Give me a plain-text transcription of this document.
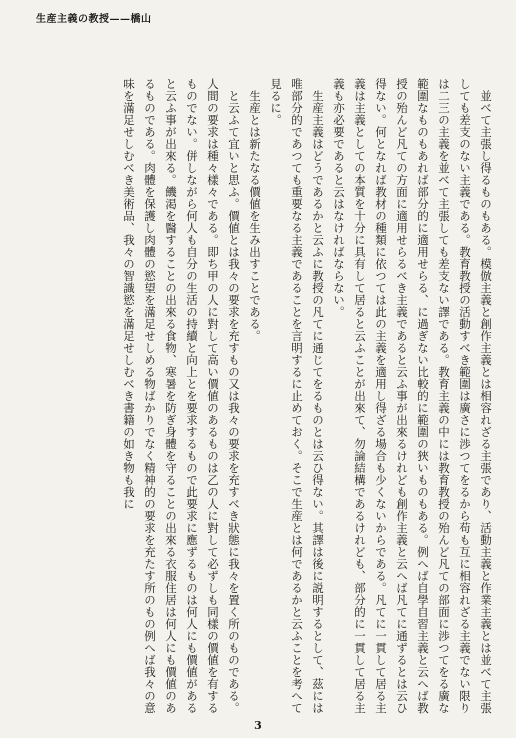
生産主義の教授——橋山

並べて主張し得るものもある。模倣主義と創作主義とは相容れざる主張であり、活動主義と作業主義とは並べて主張しても差支のない主義である。教育教授の活動すべき範圍は廣さに渉つてをるから苟も互に相容れざる主義でない限りは二三の主義を並べて主張しても差支ない譯である。教育主義の中には教育教授の殆んど凡ての部面に渉つてをる廣な範圍なものもあれば部分的に適用せらる、に過ぎない比較的に範圍の狹いものもある。例へば自學自習主義と云へば教授の殆んど凡ての方面に適用せらるべき主義であると云ふ事が出來るけれども創作主義と云へば凡てに通ずるとは云ひ得ない。何となれば教材の種類に依つては此の主義を適用し得ざる場合も少くないからである。凡てに一貫して居る主義は主義としての本質を十分に具有して居ると云ふことが出來て、勿論結構であるけれども、部分的に一貫して居る主義も亦必要であると云はなければならない。

生産主義はどうであるかと云ふに教授の凡てに通じてをるものとは云ひ得ない。其譯は後に説明するとして、茲には唯部分的であつても重要なる主義であることを言明するに止めておく。そこで生産とは何であるかと云ふことを考へて見るに。

生産とは新たなる價値を生み出すことである。

と云ふて宜いと思ふ。價値とは我々の要求を充すもの又は我々の要求を充すべき狀態に我々を置く所のものである。人間の要求は種々樣々である。即ち甲の人に對して高い價値のあるものは乙の人に對して必ずしも同樣の價値を有するものでない。併しながら何人も自分の生活の持續と向上とを要求するもので此要求に應ずるものは何人にも價値があると云ふ事が出來る。饑渇を醫することの出來る食物、寒暑を防ぎ身體を守ることの出來る衣服住居は何人にも價値のあるものである。肉體を保護し肉體の慾望を滿足せしめる物ばかりでなく精神的の要求を充たす所のもの例へば我々の意味を滿足せしむべき美術品、我々の智識慾を滿足せしむべき書籍の如き物も我に

3
